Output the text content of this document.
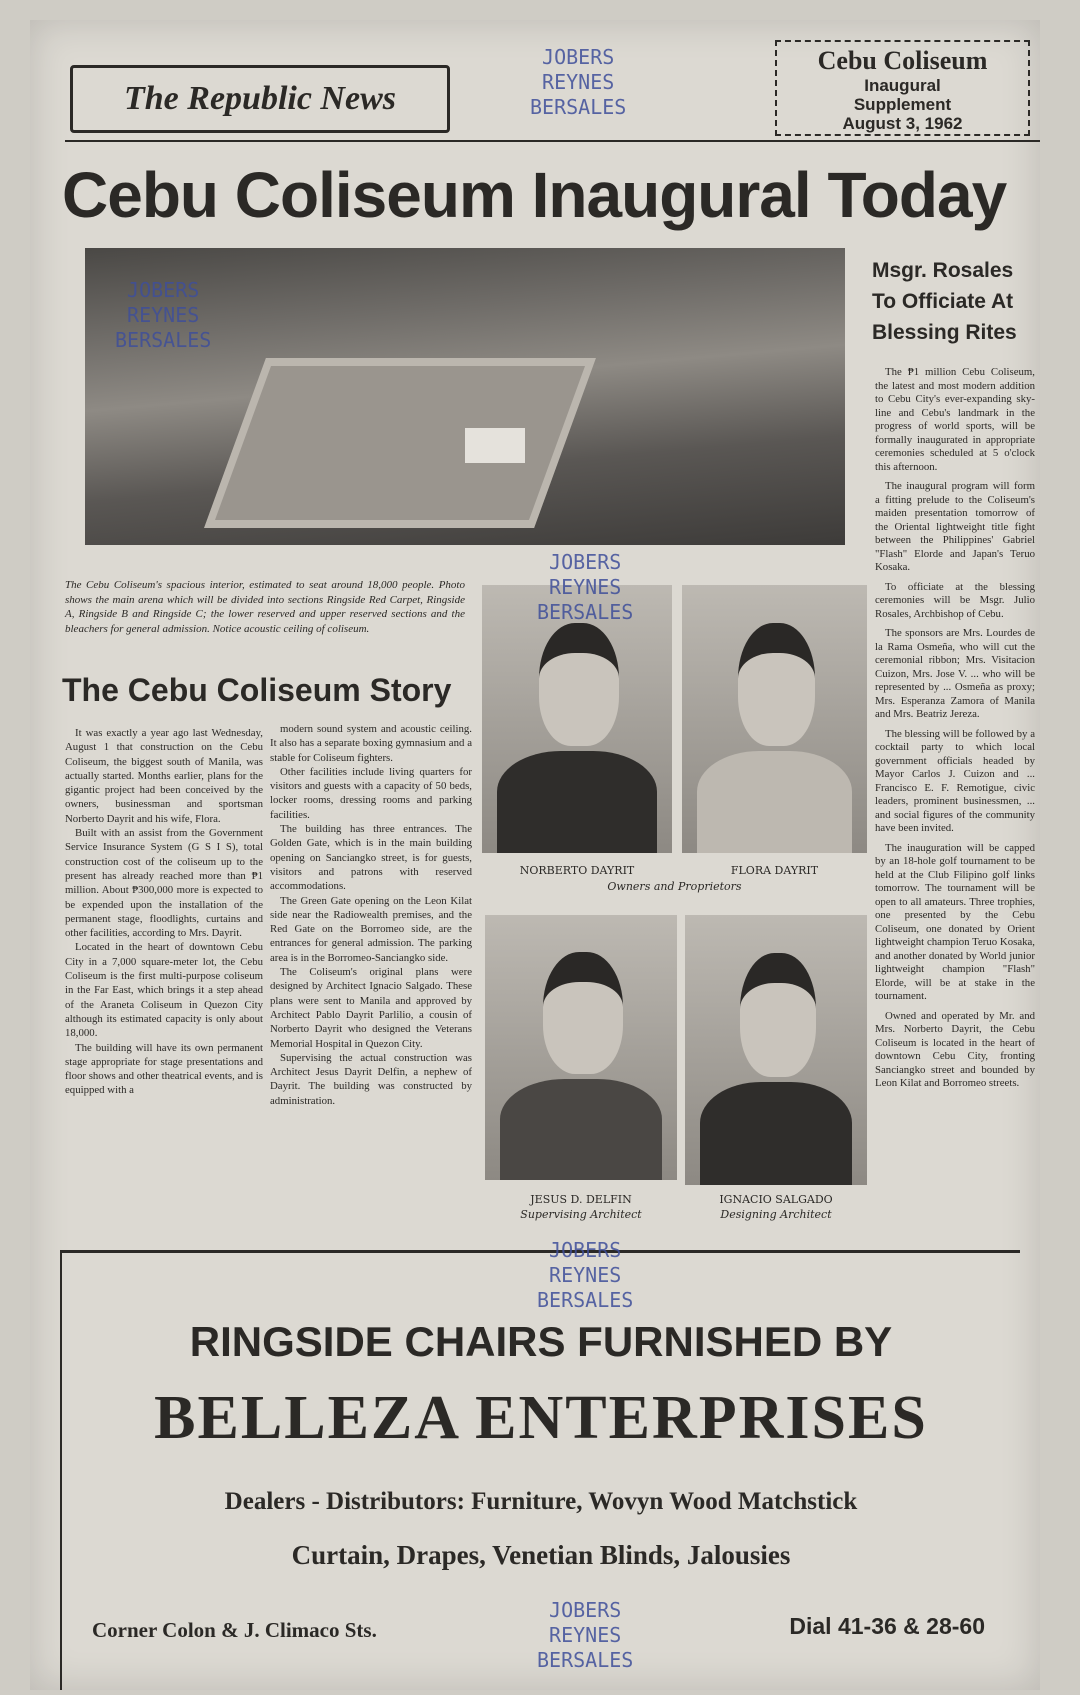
The Republic News
JOBERS
REYNES
BERSALES
Cebu Coliseum
Inaugural
Supplement
August 3, 1962
Cebu Coliseum Inaugural Today
JOBERS
REYNES
BERSALES
The Cebu Coliseum's spacious interior, estimated to seat around 18,000 people. Photo shows the main arena which will be divided into sections Ringside Red Carpet, Ringside A, Ringside B and Ringside C; the lower reserved and upper reserved sections and the bleachers for general admission. Notice acoustic ceiling of coliseum.
The Cebu Coliseum Story

It was exactly a year ago last Wednesday, August 1 that construction on the Cebu Coliseum, the biggest south of Manila, was actually started. Months earlier, plans for the gigantic project had been conceived by the owners, businessman and sportsman Norberto Dayrit and his wife, Flora.

Built with an assist from the Government Service Insurance System (G S I S), total construction cost of the coliseum up to the present has already reached more than ₱1 million. About ₱300,000 more is expected to be expended upon the installation of the permanent stage, floodlights, curtains and other facilities, according to Mrs. Dayrit.

Located in the heart of downtown Cebu City in a 7,000 square-meter lot, the Cebu Coliseum is the first multi-purpose coliseum in the Far East, which brings it a step ahead of the Araneta Coliseum in Quezon City although its estimated capacity is only about 18,000.

The building will have its own permanent stage appropriate for stage presentations and floor shows and other theatrical events, and is equipped with a

modern sound system and acoustic ceiling. It also has a separate boxing gymnasium and a stable for Coliseum fighters.

Other facilities include living quarters for visitors and guests with a capacity of 50 beds, locker rooms, dressing rooms and parking facilities.

The building has three entrances. The Golden Gate, which is in the main building opening on Sanciangko street, is for guests, visitors and patrons with reserved accommodations.

The Green Gate opening on the Leon Kilat side near the Radiowealth premises, and the Red Gate on the Borromeo side, are the entrances for general admission. The parking area is in the Borromeo-Sanciangko side.

The Coliseum's original plans were designed by Architect Ignacio Salgado. These plans were sent to Manila and approved by Architect Pablo Dayrit Parlilio, a cousin of Norberto Dayrit who designed the Veterans Memorial Hospital in Quezon City.

Supervising the actual construction was Architect Jesus Dayrit Delfin, a nephew of Dayrit. The building was constructed by administration.

JOBERS
REYNES
BERSALES
NORBERTO DAYRIT	FLORA DAYRIT
Owners and Proprietors
JESUS D. DELFIN
Supervising Architect
IGNACIO SALGADO
Designing Architect
Msgr. Rosales
To Officiate At
Blessing Rites

The ₱1 million Cebu Coliseum, the latest and most modern addition to Cebu City's ever-expanding sky-line and Cebu's landmark in the progress of world sports, will be formally inaugurated in appropriate ceremonies scheduled at 5 o'clock this afternoon.

The inaugural program will form a fitting prelude to the Coliseum's maiden presentation tomorrow of the Oriental lightweight title fight between the Philippines' Gabriel "Flash" Elorde and Japan's Teruo Kosaka.

To officiate at the blessing ceremonies will be Msgr. Julio Rosales, Archbishop of Cebu.

The sponsors are Mrs. Lourdes de la Rama Osmeña, who will cut the ceremonial ribbon; Mrs. Visitacion Cuizon, Mrs. Jose V. ... who will be represented by ... Osmeña as proxy; Mrs. Esperanza Zamora of Manila and Mrs. Beatriz Jereza.

The blessing will be followed by a cocktail party to which local government officials headed by Mayor Carlos J. Cuizon and ... Francisco E. F. Remotigue, civic leaders, prominent businessmen, ... and social figures of the community have been invited.

The inauguration will be capped by an 18-hole golf tournament to be held at the Club Filipino golf links tomorrow. The tournament will be open to all amateurs. Three trophies, one presented by the Cebu Coliseum, one donated by Orient lightweight champion Teruo Kosaka, and another donated by World junior lightweight champion "Flash" Elorde, will be at stake in the tournament.

Owned and operated by Mr. and Mrs. Norberto Dayrit, the Cebu Coliseum is located in the heart of downtown Cebu City, fronting Sanciangko street and bounded by Leon Kilat and Borromeo streets.

RINGSIDE CHAIRS FURNISHED BY
BELLEZA ENTERPRISES
Dealers - Distributors: Furniture, Wovyn Wood Matchstick
Curtain, Drapes, Venetian Blinds, Jalousies
Corner Colon & J. Climaco Sts.	Dial 41-36 & 28-60
JOBERS
REYNES
BERSALES
JOBERS
REYNES
BERSALES
